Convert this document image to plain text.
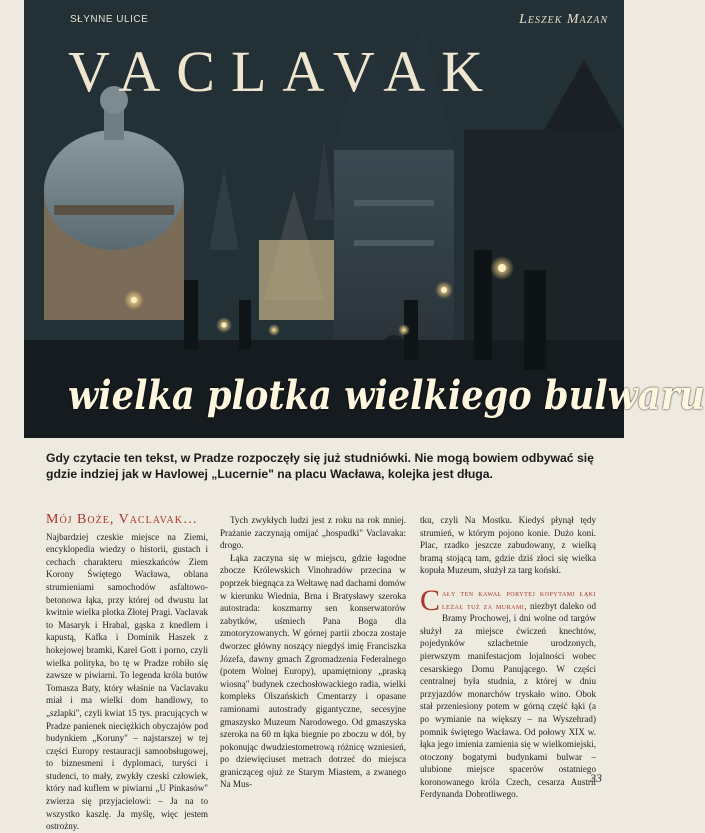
SŁYNNE ULICE	Leszek Mazan
VACLAVAK
wielka plotka wielkiego bulwaru
Gdy czytacie ten tekst, w Pradze rozpoczęły się już studniówki. Nie mogą bowiem odbywać się gdzie indziej jak w Havlowej „Lucernie" na placu Wacława, kolejka jest długa.
Mój Boże, Vaclavak…

Najbardziej czeskie miejsce na Ziemi, encyklopedia wiedzy o historii, gustach i cechach charakteru mieszkańców Ziem Korony Świętego Wacława, oblana strumieniami samochodów asfaltowo-betonowa łąka, przy której od dwustu lat kwitnie wielka plotka Złotej Pragi. Vaclavak to Masaryk i Hrabal, gąska z knedlem i kapustą, Kafka i Dominik Haszek z hokejowej bramki, Karel Gott i porno, czyli wielka polityka, bo tę w Pradze robiło się zawsze w piwiarni. To legenda króla butów Tomasza Baty, który właśnie na Vaclavaku miał i ma wielki dom handlowy, to „szlapki", czyli kwiat 15 tys. pracujących w Pradze panienek nieciężkich obyczajów pod budynkiem „Koruny" – najstarszej w tej części Europy restauracji samoobsługowej, to biznesmeni i dyplomaci, turyści i studenci, to mały, zwykły czeski człowiek, który nad kuflem w piwiarni „U Pinkasów" zwierza się przyjacielowi: – Ja na to wszystko kaszlę. Ja myślę, więc jestem ostrożny.

Tych zwykłych ludzi jest z roku na rok mniej. Prażanie zaczynają omijać „hospudki" Vaclavaka: drogo.

Łąka zaczyna się w miejscu, gdzie łagodne zbocze Królewskich Vinohradów przecina w poprzek biegnąca za Wełtawę nad dachami domów w kierunku Wiednia, Brna i Bratysławy szeroka autostrada: koszmarny sen konserwatorów zabytków, uśmiech Pana Boga dla zmotoryzowanych. W górnej partii zbocza zostaje dworzec główny noszący niegdyś imię Franciszka Józefa, dawny gmach Zgromadzenia Federalnego (potem Wolnej Europy), upamiętniony „praską wiosną" budynek czechosłowackiego radia, wielki kompleks Olszańskich Cmentarzy i opasane ramionami autostrady gigantyczne, secesyjne gmaszysko Muzeum Narodowego. Od gmaszyska szeroka na 60 m łąka biegnie po zboczu w dół, by pokonując dwudziestometrową różnicę wzniesień, po dziewięciuset metrach dotrzeć do miejsca granicząceg ojuż ze Starym Miastem, a zwanego Na Mus-

tku, czyli Na Mostku. Kiedyś płynął tędy strumień, w którym pojono konie. Dużo koni. Plac, rzadko jeszcze zabudowany, z wielką bramą stojącą tam, gdzie dziś złoci się wielka kopuła Muzeum, służył za targ koński.

Cały ten kawał porytej kopytami łąki leżał tuż za murami, niezbyt daleko od Bramy Prochowej, i dni wolne od targów służył za miejsce ćwiczeń knechtów, pojedynków szlachetnie urodzonych, pierwszym manifestacjom lojalności wobec cesarskiego Domu Panującego. W części centralnej była studnia, z której w dniu przyjazdów monarchów tryskało wino. Obok stał przeniesiony potem w górną część łąki (a po wymianie na większy – na Wyszehrad) pomnik świętego Wacława. Od połowy XIX w. łąka jego imienia zamienia się w wielkomiejski, otoczony bogatymi budynkami bulwar – ulubione miejsce spacerów ostatniego koronowanego króla Czech, cesarza Austrii Ferdynanda Dobrotliwego.

33
